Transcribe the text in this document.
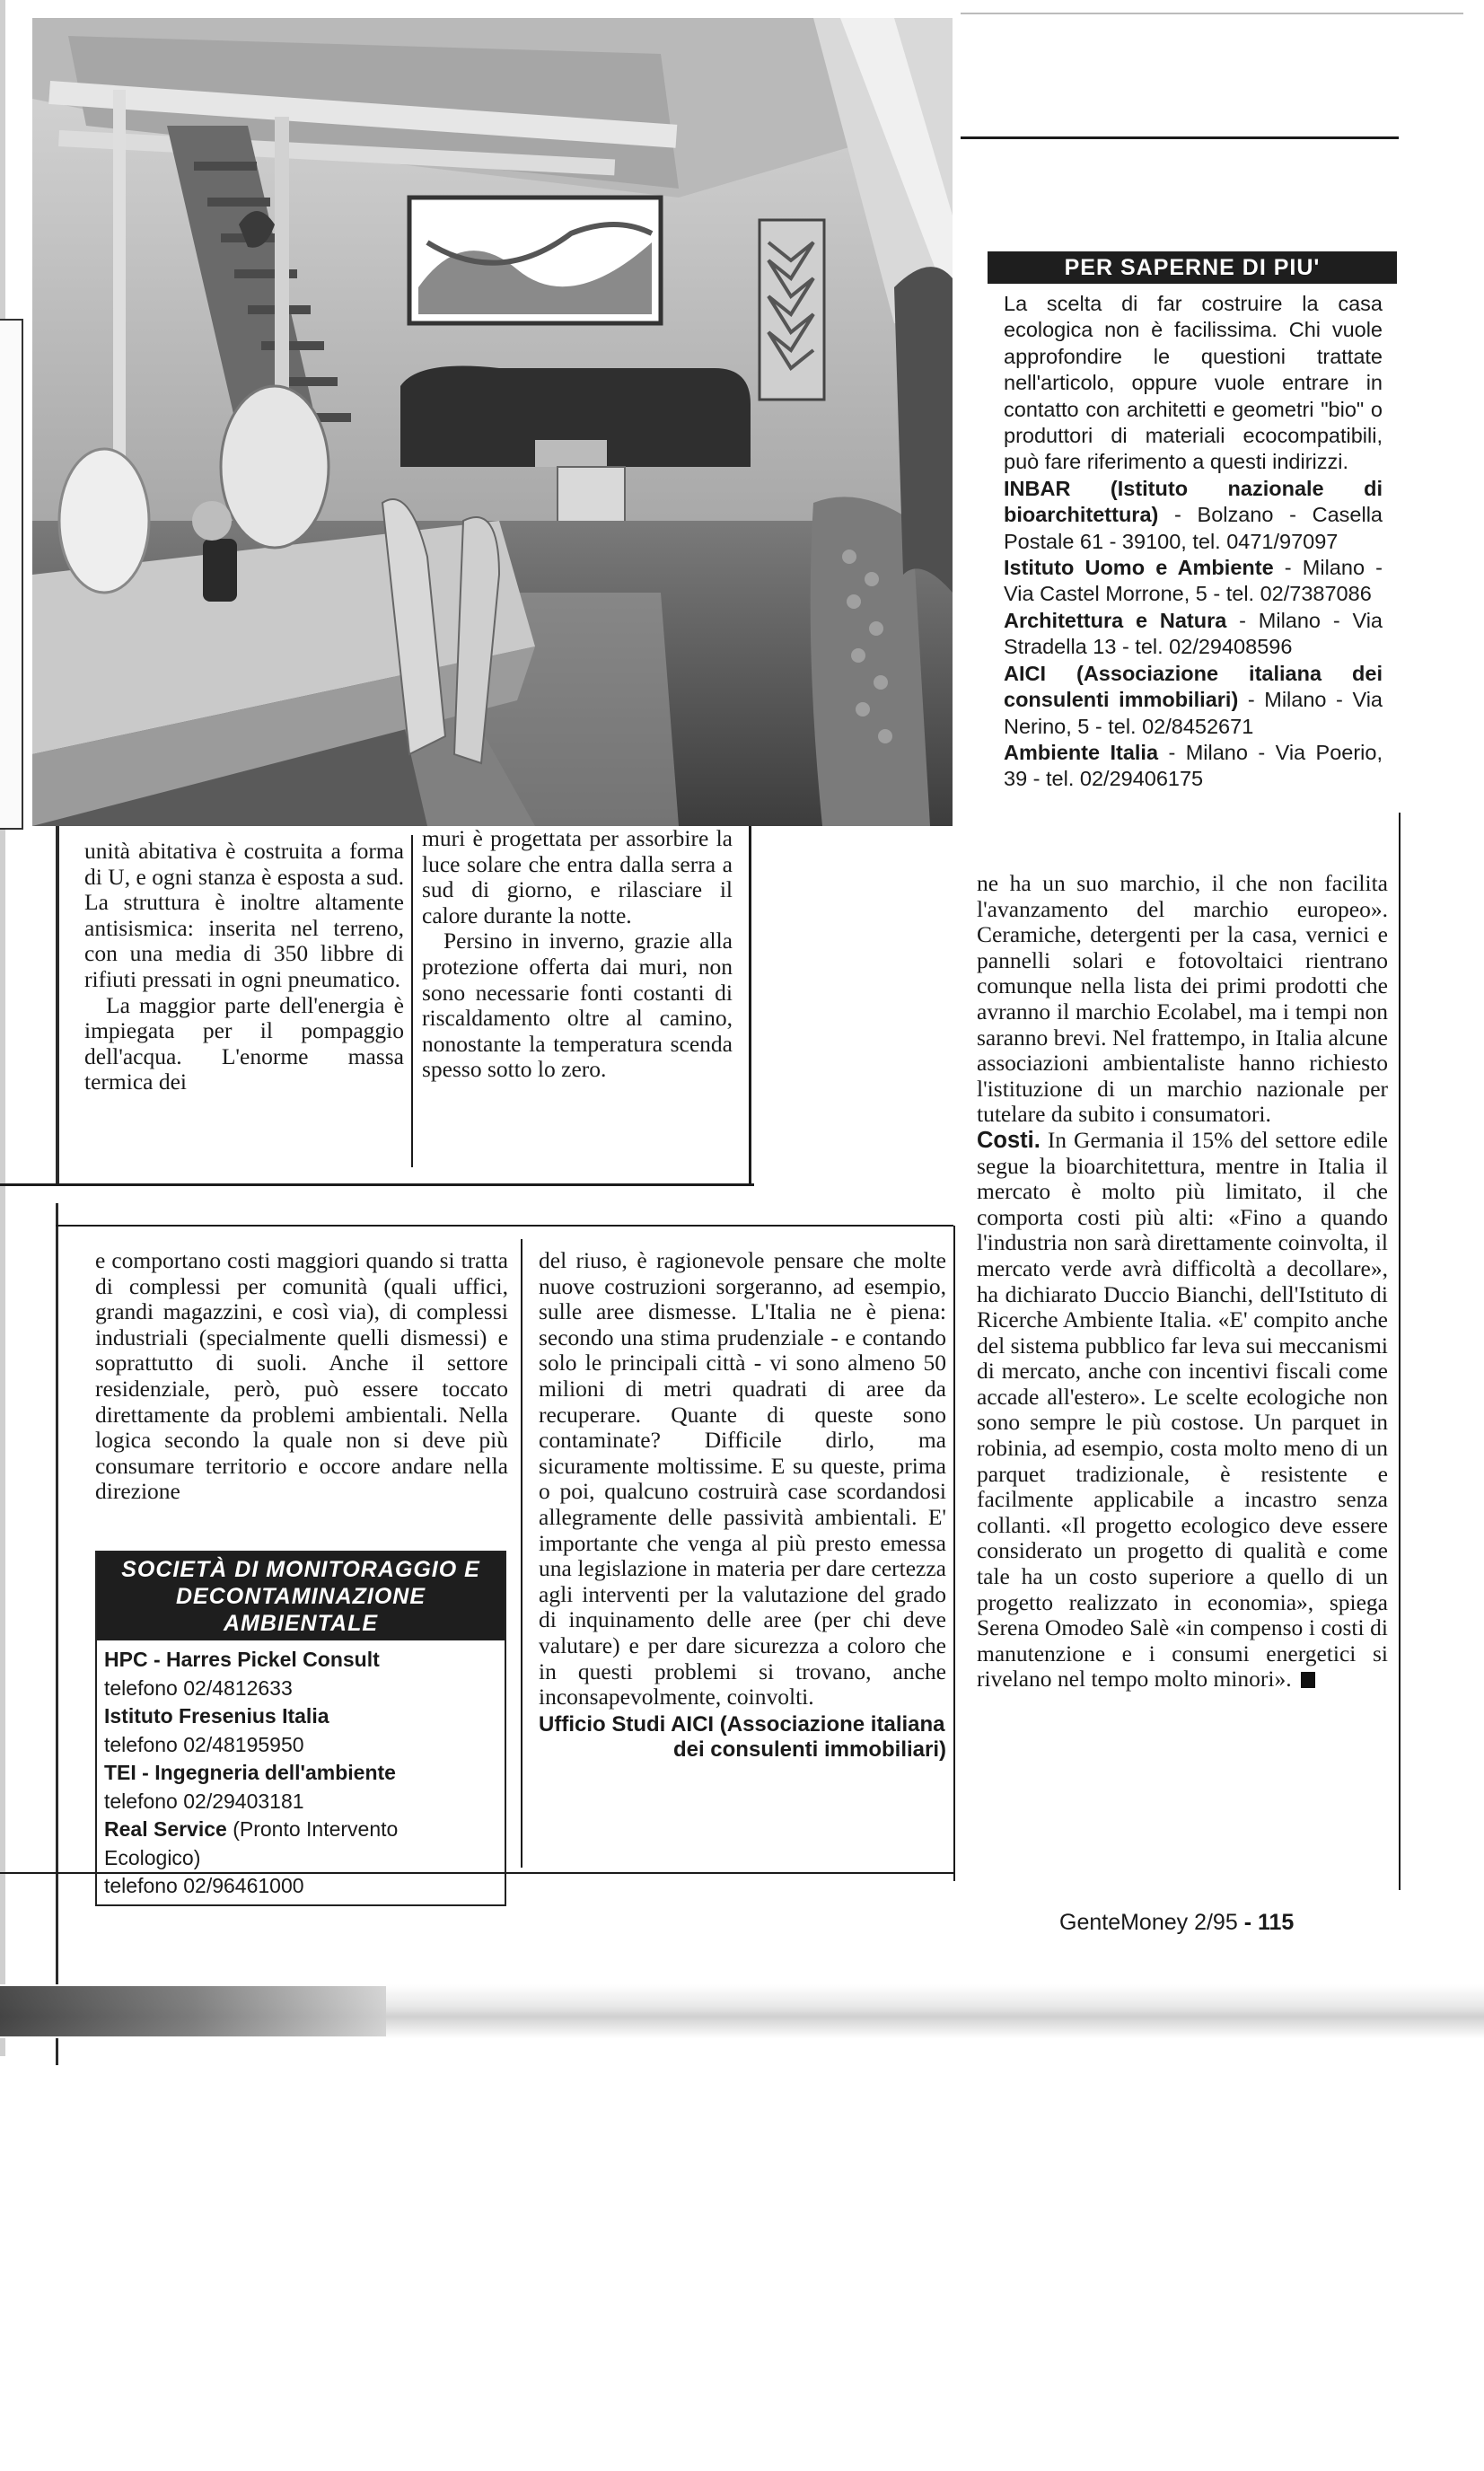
unità abitativa è costruita a forma di U, e ogni stanza è esposta a sud. La struttura è inoltre altamente antisismica: inserita nel terreno, con una media di 350 libbre di rifiuti pressati in ogni pneumatico.

La maggior parte dell'energia è impiegata per il pompaggio dell'acqua. L'enorme massa termica dei

muri è progettata per assorbire la luce solare che entra dalla serra a sud di giorno, e rilasciare il calore durante la notte.

Persino in inverno, grazie alla protezione offerta dai muri, non sono necessarie fonti costanti di riscaldamento oltre al camino, nonostante la temperatura scenda spesso sotto lo zero.

PER SAPERNE DI PIU'
La scelta di far costruire la casa ecologica non è facilissima. Chi vuole approfondire le questioni trattate nell'articolo, oppure vuole entrare in contatto con architetti e geometri "bio" o produttori di materiali ecocompatibili, può fare riferimento a questi indirizzi.
INBAR (Istituto nazionale di bioarchitettura) - Bolzano - Casella Postale 61 - 39100, tel. 0471/97097
Istituto Uomo e Ambiente - Milano - Via Castel Morrone, 5 - tel. 02/7387086
Architettura e Natura - Milano - Via Stradella 13 - tel. 02/29408596
AICI (Associazione italiana dei consulenti immobiliari) - Milano - Via Nerino, 5 - tel. 02/8452671
Ambiente Italia - Milano - Via Poerio, 39 - tel. 02/29406175

ne ha un suo marchio, il che non facilita l'avanzamento del marchio europeo». Ceramiche, detergenti per la casa, vernici e pannelli solari e fotovoltaici rientrano comunque nella lista dei primi prodotti che avranno il marchio Ecolabel, ma i tempi non saranno brevi. Nel frattempo, in Italia alcune associazioni ambientaliste hanno richiesto l'istituzione di un marchio nazionale per tutelare da subito i consumatori.

Costi. In Germania il 15% del settore edile segue la bioarchitettura, mentre in Italia il mercato è molto più limitato, il che comporta costi più alti: «Fino a quando l'industria non sarà direttamente coinvolta, il mercato verde avrà difficoltà a decollare», ha dichiarato Duccio Bianchi, dell'Istituto di Ricerche Ambiente Italia. «E' compito anche del sistema pubblico far leva sui meccanismi di mercato, anche con incentivi fiscali come accade all'estero». Le scelte ecologiche non sono sempre le più costose. Un parquet in robinia, ad esempio, costa molto meno di un parquet tradizionale, è resistente e facilmente applicabile a incastro senza collanti. «Il progetto ecologico deve essere considerato un progetto di qualità e come tale ha un costo superiore a quello di un progetto realizzato in economia», spiega Serena Omodeo Salè «in compenso i costi di manutenzione e i consumi energetici si rivelano nel tempo molto minori».

e comportano costi maggiori quando si tratta di complessi per comunità (quali uffici, grandi magazzini, e così via), di complessi industriali (specialmente quelli dismessi) e soprattutto di suoli. Anche il settore residenziale, però, può essere toccato direttamente da problemi ambientali. Nella logica secondo la quale non si deve più consumare territorio e occore andare nella direzione

SOCIETÀ DI MONITORAGGIO E
DECONTAMINAZIONE AMBIENTALE
HPC - Harres Pickel Consult
telefono 02/4812633
Istituto Fresenius Italia
telefono 02/48195950
TEI - Ingegneria dell'ambiente
telefono 02/29403181
Real Service (Pronto Intervento Ecologico)
telefono 02/96461000

del riuso, è ragionevole pensare che molte nuove costruzioni sorgeranno, ad esempio, sulle aree dismesse. L'Italia ne è piena: secondo una stima prudenziale - e contando solo le principali città - vi sono almeno 50 milioni di metri quadrati di aree da recuperare. Quante di queste sono contaminate? Difficile dirlo, ma sicuramente moltissime. E su queste, prima o poi, qualcuno costruirà case scordandosi allegramente delle passività ambientali. E' importante che venga al più presto emessa una legislazione in materia per dare certezza agli interventi per la valutazione del grado di inquinamento delle aree (per chi deve valutare) e per dare sicurezza a coloro che in questi problemi si trovano, anche inconsapevolmente, coinvolti.

Ufficio Studi AICI (Associazione italiana
dei consulenti immobiliari)
GenteMoney 2/95 - 115
